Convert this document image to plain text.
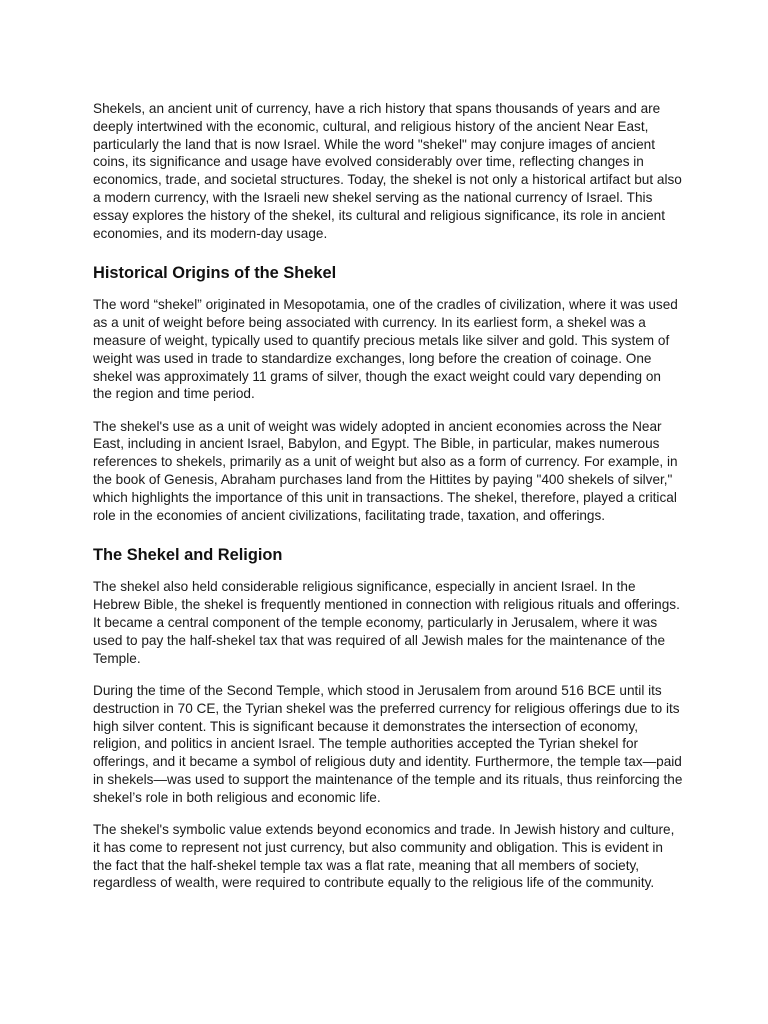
Shekels, an ancient unit of currency, have a rich history that spans thousands of years and are deeply intertwined with the economic, cultural, and religious history of the ancient Near East, particularly the land that is now Israel. While the word "shekel" may conjure images of ancient coins, its significance and usage have evolved considerably over time, reflecting changes in economics, trade, and societal structures. Today, the shekel is not only a historical artifact but also a modern currency, with the Israeli new shekel serving as the national currency of Israel. This essay explores the history of the shekel, its cultural and religious significance, its role in ancient economies, and its modern-day usage.

Historical Origins of the Shekel

The word “shekel” originated in Mesopotamia, one of the cradles of civilization, where it was used as a unit of weight before being associated with currency. In its earliest form, a shekel was a measure of weight, typically used to quantify precious metals like silver and gold. This system of weight was used in trade to standardize exchanges, long before the creation of coinage. One shekel was approximately 11 grams of silver, though the exact weight could vary depending on the region and time period.

The shekel's use as a unit of weight was widely adopted in ancient economies across the Near East, including in ancient Israel, Babylon, and Egypt. The Bible, in particular, makes numerous references to shekels, primarily as a unit of weight but also as a form of currency. For example, in the book of Genesis, Abraham purchases land from the Hittites by paying "400 shekels of silver," which highlights the importance of this unit in transactions. The shekel, therefore, played a critical role in the economies of ancient civilizations, facilitating trade, taxation, and offerings.

The Shekel and Religion

The shekel also held considerable religious significance, especially in ancient Israel. In the Hebrew Bible, the shekel is frequently mentioned in connection with religious rituals and offerings. It became a central component of the temple economy, particularly in Jerusalem, where it was used to pay the half-shekel tax that was required of all Jewish males for the maintenance of the Temple.

During the time of the Second Temple, which stood in Jerusalem from around 516 BCE until its destruction in 70 CE, the Tyrian shekel was the preferred currency for religious offerings due to its high silver content. This is significant because it demonstrates the intersection of economy, religion, and politics in ancient Israel. The temple authorities accepted the Tyrian shekel for offerings, and it became a symbol of religious duty and identity. Furthermore, the temple tax—paid in shekels—was used to support the maintenance of the temple and its rituals, thus reinforcing the shekel’s role in both religious and economic life.

The shekel's symbolic value extends beyond economics and trade. In Jewish history and culture, it has come to represent not just currency, but also community and obligation. This is evident in the fact that the half-shekel temple tax was a flat rate, meaning that all members of society, regardless of wealth, were required to contribute equally to the religious life of the community.
